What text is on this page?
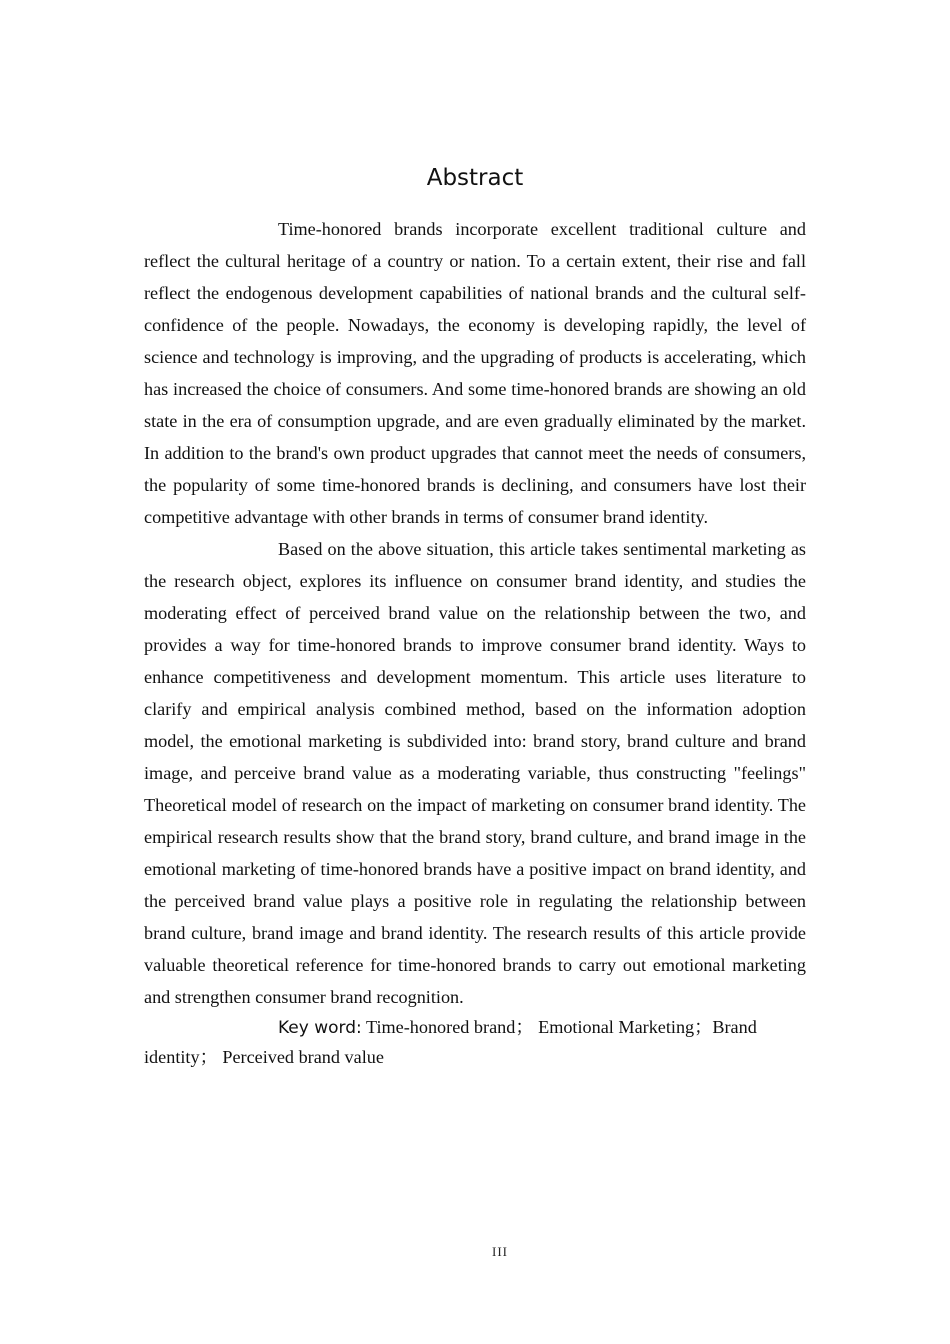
Abstract

Time-honored brands incorporate excellent traditional culture and reflect the cultural heritage of a country or nation. To a certain extent, their rise and fall reflect the endogenous development capabilities of national brands and the cultural self-confidence of the people. Nowadays, the economy is developing rapidly, the level of science and technology is improving, and the upgrading of products is accelerating, which has increased the choice of consumers. And some time-honored brands are showing an old state in the era of consumption upgrade, and are even gradually eliminated by the market. In addition to the brand's own product upgrades that cannot meet the needs of consumers, the popularity of some time-honored brands is declining, and consumers have lost their competitive advantage with other brands in terms of consumer brand identity.

Based on the above situation, this article takes sentimental marketing as the research object, explores its influence on consumer brand identity, and studies the moderating effect of perceived brand value on the relationship between the two, and provides a way for time-honored brands to improve consumer brand identity. Ways to enhance competitiveness and development momentum. This article uses literature to clarify and empirical analysis combined method, based on the information adoption model, the emotional marketing is subdivided into: brand story, brand culture and brand image, and perceive brand value as a moderating variable, thus constructing "feelings" Theoretical model of research on the impact of marketing on consumer brand identity. The empirical research results show that the brand story, brand culture, and brand image in the emotional marketing of time-honored brands have a positive impact on brand identity, and the perceived brand value plays a positive role in regulating the relationship between brand culture, brand image and brand identity. The research results of this article provide valuable theoretical reference for time-honored brands to carry out emotional marketing and strengthen consumer brand recognition.

Key word: Time-honored brand； Emotional Marketing；Brand identity； Perceived brand value

III
